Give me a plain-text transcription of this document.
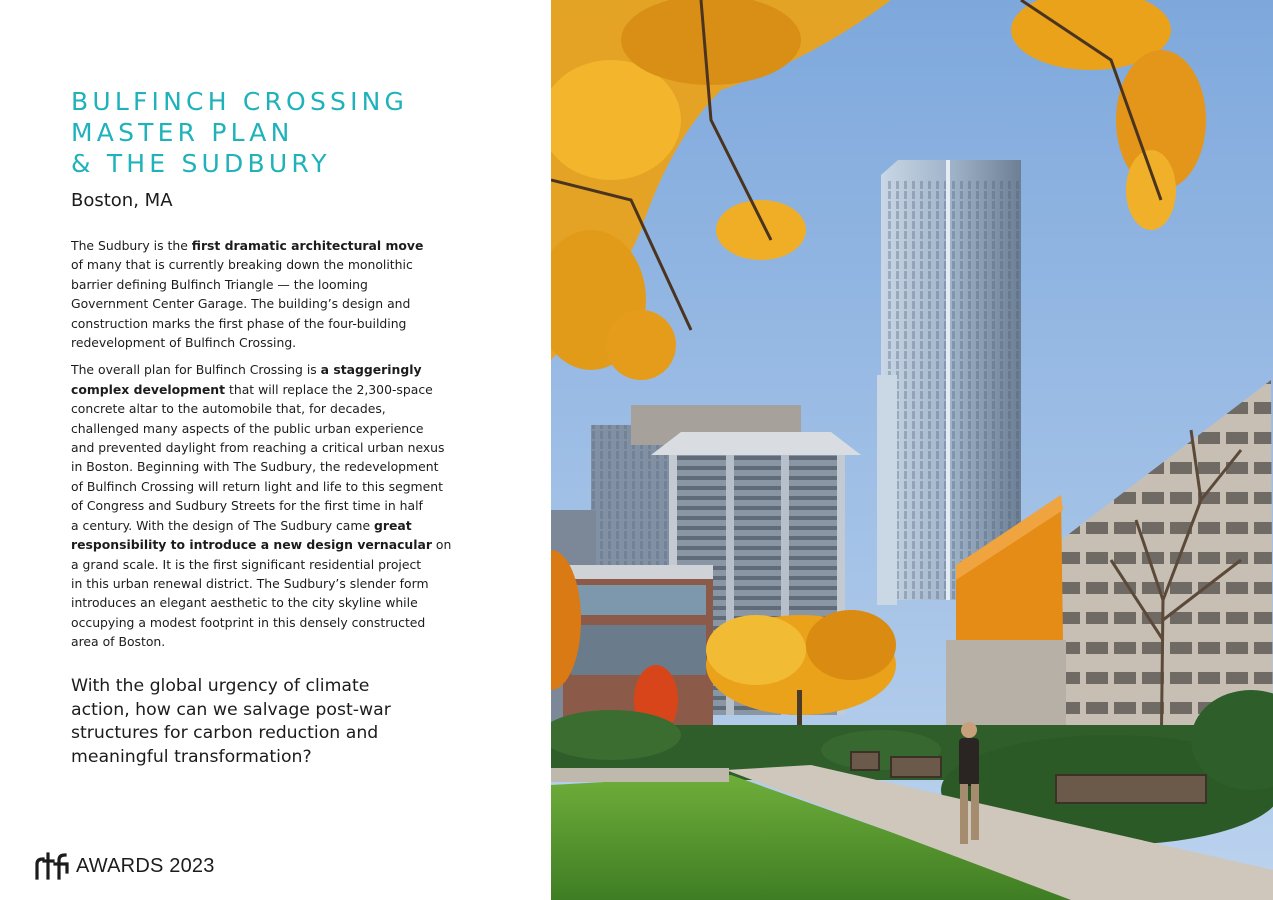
BULFINCH CROSSING
MASTER PLAN
& THE SUDBURY

Boston, MA

The Sudbury is the first dramatic architectural move
of many that is currently breaking down the monolithic
barrier defining Bulfinch Triangle — the looming
Government Center Garage. The building’s design and
construction marks the first phase of the four-building
redevelopment of Bulfinch Crossing.

The overall plan for Bulfinch Crossing is a staggeringly
complex development that will replace the 2,300-space
concrete altar to the automobile that, for decades,
challenged many aspects of the public urban experience
and prevented daylight from reaching a critical urban nexus
in Boston. Beginning with The Sudbury, the redevelopment
of Bulfinch Crossing will return light and life to this segment
of Congress and Sudbury Streets for the first time in half
a century. With the design of The Sudbury came great
responsibility to introduce a new design vernacular on
a grand scale. It is the first significant residential project
in this urban renewal district. The Sudbury’s slender form
introduces an elegant aesthetic to the city skyline while
occupying a modest footprint in this densely constructed
area of Boston.

With the global urgency of climate
action, how can we salvage post-war
structures for carbon reduction and
meaningful transformation?
AWARDS 2023
